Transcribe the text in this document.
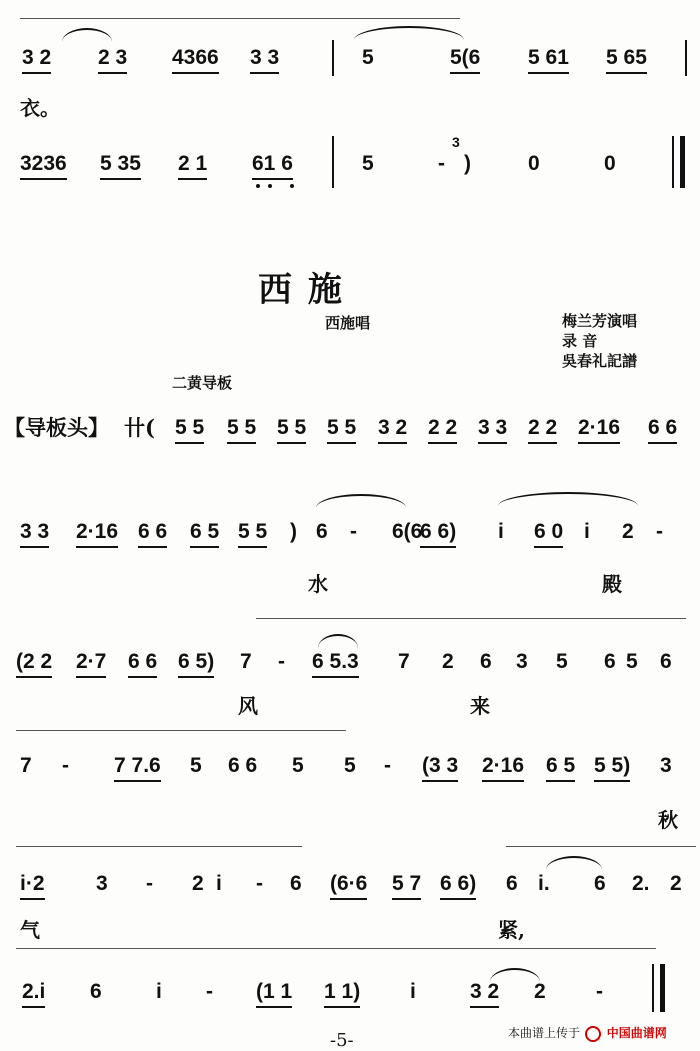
3 2 2 3 4366 3 3	5	5(6 5 61 5 65
衣。
3236 5 35 2 1 61 6	5	-
3
)	0	0
西 施
西施唱	梅兰芳演唱
录 音
吳春礼記譜
二黄导板
【导板头】 卄( 5 5 5 5 5 5 5 5 3 2 2 2 3 3 2 2 2·16 6 6
3 3 2·16 6 6 6 5 5 5 ) 6 - 6(6
6 6) i 6 0 i 2 -
水	殿
(2 2 2·7 6 6 6 5) 7 - 6 5.3 7 2 6 3 5 6 5 6
风	来
7 - 7 7.6 5 6 6 5 5 - (3 3 2·16 6 5 5 5) 3
秋
i·2 3 - 2 i - 6 (6·6 5 7 6 6) 6 i. 6 2. 2
气	紧,
2.i 6	i - (1 1 1 1) i	3 2 2 -
-5-	本曲谱上传于 中国曲谱网
